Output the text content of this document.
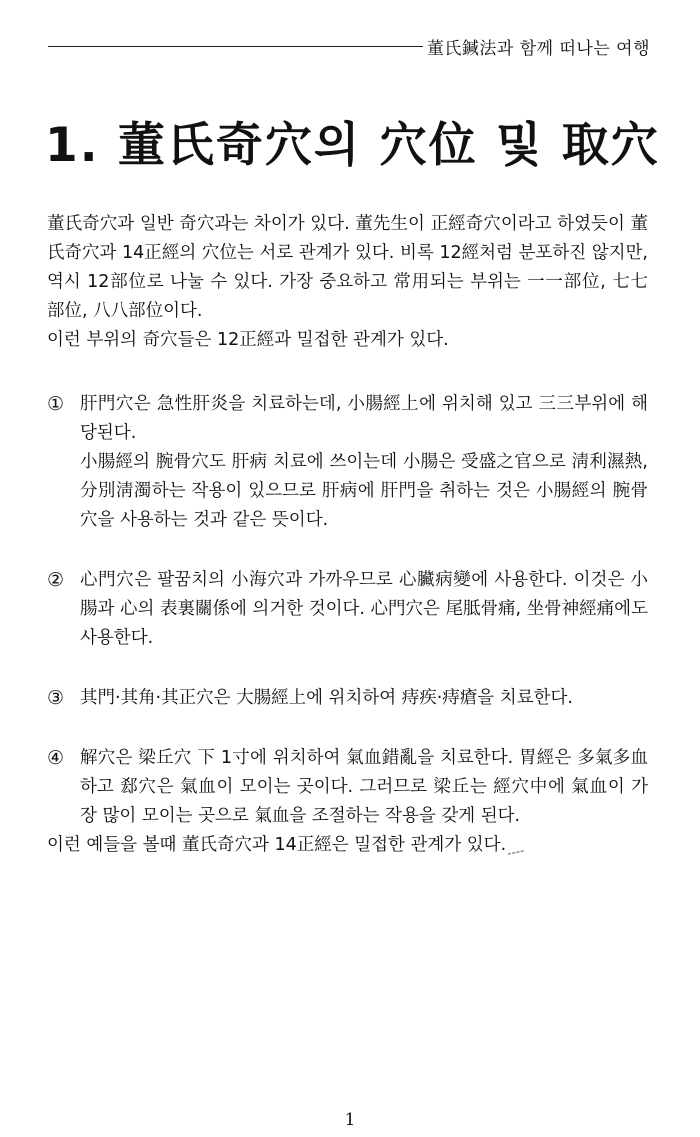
董氏鍼法과 함께 떠나는 여행
1. 董氏奇穴의 穴位 및 取穴

董氏奇穴과 일반 奇穴과는 차이가 있다. 董先生이 正經奇穴이라고 하였듯이 董氏奇穴과 14正經의 穴位는 서로 관계가 있다. 비록 12經처럼 분포하진 않지만, 역시 12部位로 나눌 수 있다. 가장 중요하고 常用되는 부위는 一一部位, 七七部位, 八八部位이다.

이런 부위의 奇穴들은 12正經과 밀접한 관계가 있다.

① 肝門穴은 急性肝炎을 치료하는데, 小腸經上에 위치해 있고 三三부위에 해당된다.

小腸經의 腕骨穴도 肝病 치료에 쓰이는데 小腸은 受盛之官으로 淸利濕熱, 分別淸濁하는 작용이 있으므로 肝病에 肝門을 취하는 것은 小腸經의 腕骨穴을 사용하는 것과 같은 뜻이다.

② 心門穴은 팔꿈치의 小海穴과 가까우므로 心臟病變에 사용한다. 이것은 小腸과 心의 表裏關係에 의거한 것이다. 心門穴은 尾胝骨痛, 坐骨神經痛에도 사용한다.

③ 其門·其角·其正穴은 大腸經上에 위치하여 痔疾·痔瘡을 치료한다.

④ 解穴은 梁丘穴 下 1寸에 위치하여 氣血錯亂을 치료한다. 胃經은 多氣多血하고 郄穴은 氣血이 모이는 곳이다. 그러므로 梁丘는 經穴中에 氣血이 가장 많이 모이는 곳으로 氣血을 조절하는 작용을 갖게 된다.

이런 예들을 볼때 董氏奇穴과 14正經은 밀접한 관계가 있다.

1
